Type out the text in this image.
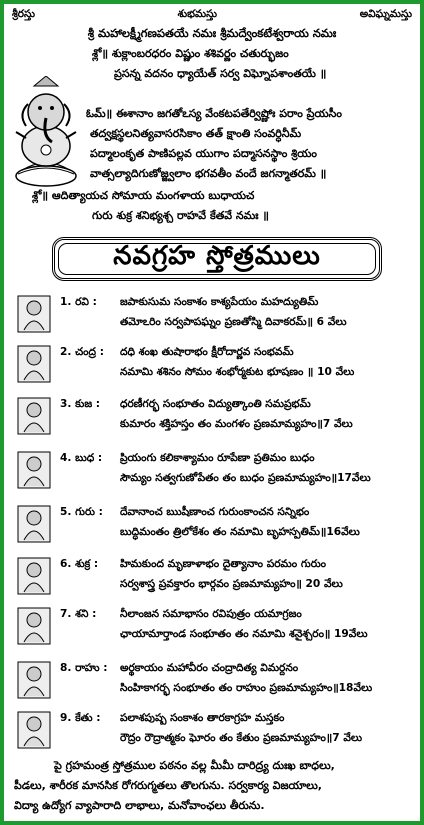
శ్రీరస్తు	శుభమస్తు	అవిఘ్నమస్తు
శ్రీ మహాలక్ష్మీగణపతయే నమః శ్రీమద్వేంకటేశ్వరాయ నమః
శ్లో॥ శుక్లాంబరధరం విష్ణుం శశివర్ణం చతుర్భుజం
ప్రసన్న వదనం ధ్యాయేత్ సర్వ విఘ్నోపశాంతయే ॥
ఓమ్॥ ఈశానాం జగతోఽస్య వేంకటపతేర్విష్ణోః పరాం ప్రేయసీం
తద్వక్షస్థలనిత్యవాసరసికాం తత్ క్షాంతి సంవర్ధినీమ్
పద్మాలంకృత పాణిపల్లవ యుగాం పద్మాసనస్థాం శ్రియం
వాత్సల్యాదిగుణోజ్జ్వలాం భగవతీం వందే జగన్మాతరమ్ ॥
శ్లో॥ ఆదిత్యాయచ సోమాయ మంగళాయ బుధాయచ
గురు శుక్ర శనిభ్యశ్చ రాహవే కేతవే నమః ॥
నవగ్రహ స్తోత్రములు
1. రవి : జపాకుసుమ సంకాశం కాశ్యపేయం మహద్యుతిమ్
తమోఽరిం సర్వపాపఘ్నం ప్రణతోస్మి దివాకరమ్॥ 6 వేలు
2. చంద్ర : దధి శంఖ తుషారాభం క్షీరోదార్ణవ సంభవమ్
నమామి శశినం సోమం శంభోర్మకుట భూషణం ॥ 10 వేలు
3. కుజ : ధరణీగర్భ సంభూతం విద్యుత్కాంతి సమప్రభమ్
కుమారం శక్తిహస్తం తం మంగళం ప్రణమామ్యహం॥7 వేలు
4. బుధ : ప్రియంగు కలికాశ్యామం రూపేణా ప్రతిమం బుధం
సౌమ్యం సత్వగుణోపేతం తం బుధం ప్రణమామ్యహం॥17వేలు
5. గురు : దేవానాంచ ఋషీణాంచ గురుంకాంచన సన్నిభం
బుద్ధిమంతం త్రిలోకేశం తం నమామి బృహస్పతిమ్॥16వేలు
6. శుక్ర : హిమకుంద మృణాళాభం దైత్యానాం పరమం గురుం
సర్వశాస్త్ర ప్రవక్తారం భార్గవం ప్రణమామ్యహం॥ 20 వేలు
7. శని : నీలాంజన సమాభాసం రవిపుత్రం యమాగ్రజం
ఛాయామార్తాండ సంభూతం తం నమామి శనైశ్చరం॥ 19వేలు
8. రాహు : అర్థకాయం మహావీరం చంద్రాదిత్య విమర్దనం
సింహికాగర్భ సంభూతం తం రాహుం ప్రణమామ్యహం॥18వేలు
9. కేతు : పలాశపుష్ప సంకాశం తారకాగ్రహ మస్తకం
రౌద్రం రౌద్రాత్మకం ఘోరం తం కేతుం ప్రణమామ్యహం॥7 వేలు
పై గ్రహమంత్ర స్తోత్రముల పఠనం వల్ల మీమీ దారిద్ర్య దుఃఖ బాధలు,
పీడలు, శారీరక మానసిక రోగరుగ్మతలు తొలగును. సర్వకార్య విజయాలు,
విద్యా ఉద్యోగ వ్యాపారాది లాభాలు, మనోవాంఛలు తీరును.
